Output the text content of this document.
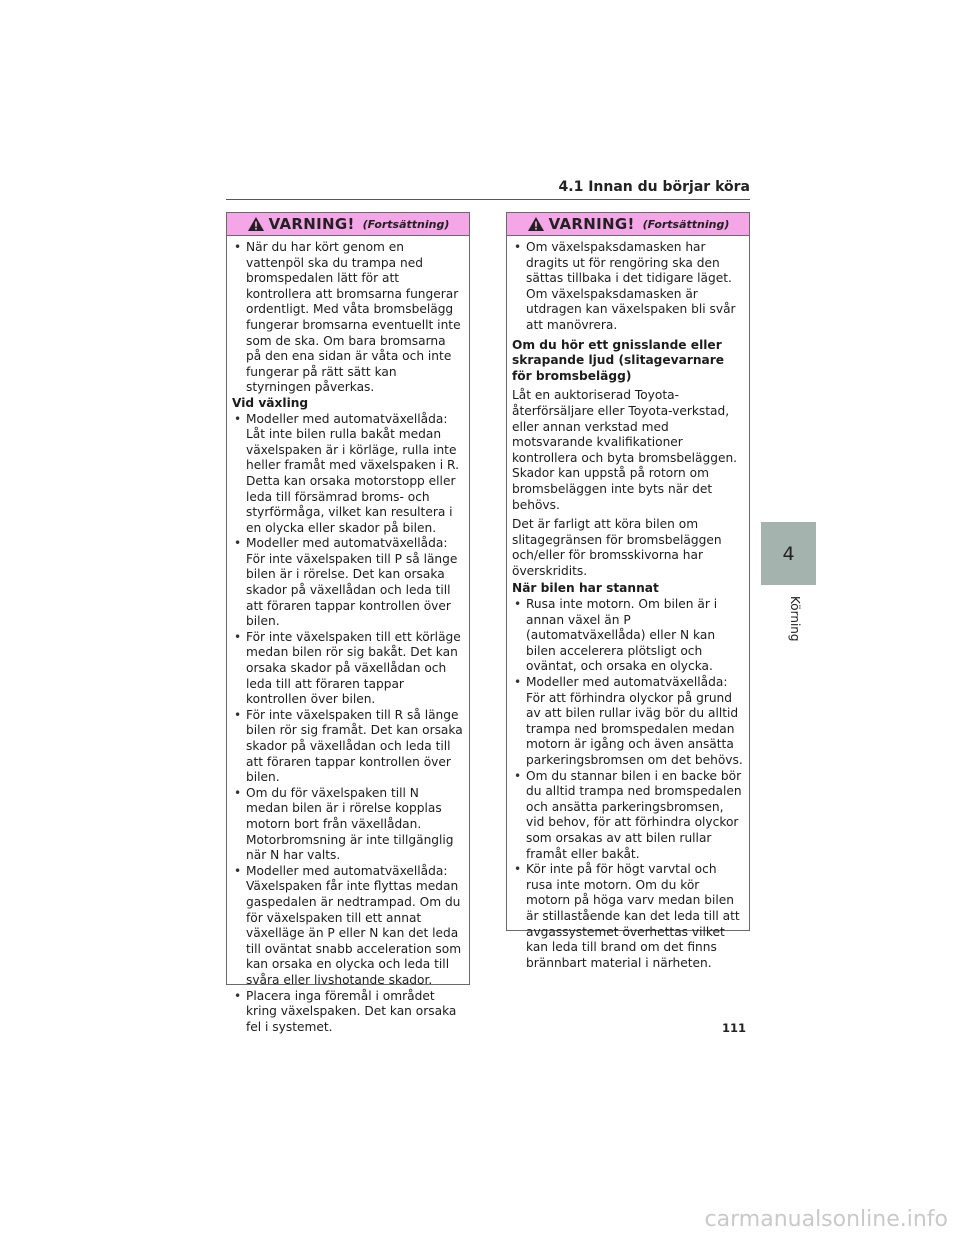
4.1 Innan du börjar köra
VARNING! (Fortsättning)
• När du har kört genom en vattenpöl ska du trampa ned bromspedalen lätt för att kontrollera att bromsarna fungerar ordentligt. Med våta bromsbelägg fungerar bromsarna eventuellt inte som de ska. Om bara bromsarna på den ena sidan är våta och inte fungerar på rätt sätt kan styrningen påverkas.
Vid växling
• Modeller med automatväxellåda: Låt inte bilen rulla bakåt medan växelspaken är i körläge, rulla inte heller framåt med växelspaken i R. Detta kan orsaka motorstopp eller leda till försämrad broms- och styrförmåga, vilket kan resultera i en olycka eller skador på bilen.
• Modeller med automatväxellåda: För inte växelspaken till P så länge bilen är i rörelse. Det kan orsaka skador på växellådan och leda till att föraren tappar kontrollen över bilen.
• För inte växelspaken till ett körläge medan bilen rör sig bakåt. Det kan orsaka skador på växellådan och leda till att föraren tappar kontrollen över bilen.
• För inte växelspaken till R så länge bilen rör sig framåt. Det kan orsaka skador på växellådan och leda till att föraren tappar kontrollen över bilen.
• Om du för växelspaken till N medan bilen är i rörelse kopplas motorn bort från växellådan. Motorbromsning är inte tillgänglig när N har valts.
• Modeller med automatväxellåda: Växelspaken får inte flyttas medan gaspedalen är nedtrampad. Om du för växelspaken till ett annat växelläge än P eller N kan det leda till oväntat snabb acceleration som kan orsaka en olycka och leda till svåra eller livshotande skador.
• Placera inga föremål i området kring växelspaken. Det kan orsaka fel i systemet.
VARNING! (Fortsättning)
• Om växelspaksdamasken har dragits ut för rengöring ska den sättas tillbaka i det tidigare läget. Om växelspaksdamasken är utdragen kan växelspaken bli svår att manövrera.
Om du hör ett gnisslande eller skrapande ljud (slitagevarnare för bromsbelägg)
Låt en auktoriserad Toyota-återförsäljare eller Toyota-verkstad, eller annan verkstad med motsvarande kvalifikationer kontrollera och byta bromsbeläggen. Skador kan uppstå på rotorn om bromsbeläggen inte byts när det behövs.
Det är farligt att köra bilen om slitagegränsen för bromsbeläggen och/eller för bromsskivorna har överskridits.
När bilen har stannat
• Rusa inte motorn. Om bilen är i annan växel än P (automatväxellåda) eller N kan bilen accelerera plötsligt och oväntat, och orsaka en olycka.
• Modeller med automatväxellåda: För att förhindra olyckor på grund av att bilen rullar iväg bör du alltid trampa ned bromspedalen medan motorn är igång och även ansätta parkeringsbromsen om det behövs.
• Om du stannar bilen i en backe bör du alltid trampa ned bromspedalen och ansätta parkeringsbromsen, vid behov, för att förhindra olyckor som orsakas av att bilen rullar framåt eller bakåt.
• Kör inte på för högt varvtal och rusa inte motorn. Om du kör motorn på höga varv medan bilen är stillastående kan det leda till att avgassystemet överhettas vilket kan leda till brand om det finns brännbart material i närheten.
4
Körning
111
carmanualsonline.info
